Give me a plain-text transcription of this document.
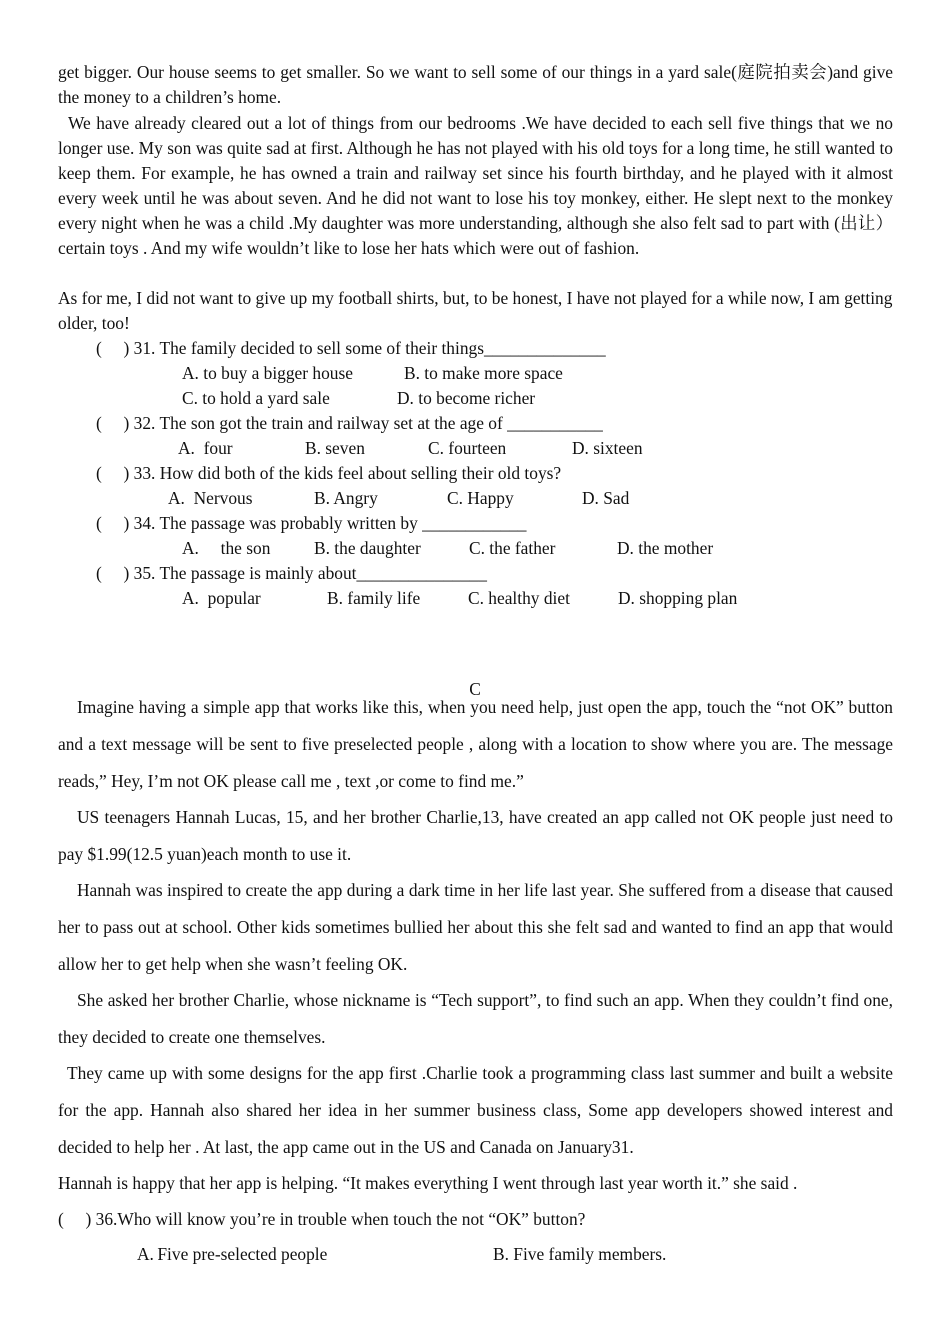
get bigger. Our house seems to get smaller. So we want to sell some of our things in a yard sale(庭院拍卖会)and give the money to a children’s home.

We have already cleared out a lot of things from our bedrooms .We have decided to each sell five things that we no longer use. My son was quite sad at first. Although he has not played with his old toys for a long time, he still wanted to keep them. For example, he has owned a train and railway set since his fourth birthday, and he played with it almost every week until he was about seven. And he did not want to lose his toy monkey, either. He slept next to the monkey every night when he was a child .My daughter was more understanding, although she also felt sad to part with (出让） certain toys . And my wife wouldn’t like to lose her hats which were out of fashion.

As for me, I did not want to give up my football shirts, but, to be honest, I have not played for a while now, I am getting older, too!

(     ) 31. The family decided to sell some of their things______________

A. to buy a bigger house	B. to make more space

C. to hold a yard sale	D. to become richer

(     ) 32. The son got the train and railway set at the age of ___________

A.  four	B. seven	C. fourteen	D. sixteen

(     ) 33. How did both of the kids feel about selling their old toys?

A.  Nervous	B. Angry	C. Happy	D. Sad

(     ) 34. The passage was probably written by ____________

A.     the son	B. the daughter	C. the father	D. the mother

(     ) 35. The passage is mainly about_______________

A.  popular	B. family life	C. healthy diet	D. shopping plan

C

Imagine having a simple app that works like this, when you need help, just open the app, touch the “not OK” button and a text message will be sent to five preselected people , along with a location to show where you are. The message reads,” Hey, I’m not OK please call me , text ,or come to find me.”

US teenagers Hannah Lucas, 15, and her brother Charlie,13, have created an app called not OK people just need to pay $1.99(12.5 yuan)each month to use it.

Hannah was inspired to create the app during a dark time in her life last year. She suffered from a disease that caused her to pass out at school. Other kids sometimes bullied her about this she felt sad and wanted to find an app that would allow her to get help when she wasn’t feeling OK.

She asked her brother Charlie, whose nickname is “Tech support”, to find such an app. When they couldn’t find one, they decided to create one themselves.

They came up with some designs for the app first .Charlie took a programming class last summer and built a website for the app. Hannah also shared her idea in her summer business class, Some app developers showed interest and decided to help her . At last, the app came out in the US and Canada on January31.

Hannah is happy that her app is helping. “It makes everything I went through last year worth it.” she said .

(     ) 36.Who will know you’re in trouble when touch the not “OK” button?

A. Five pre-selected people	B. Five family members.
